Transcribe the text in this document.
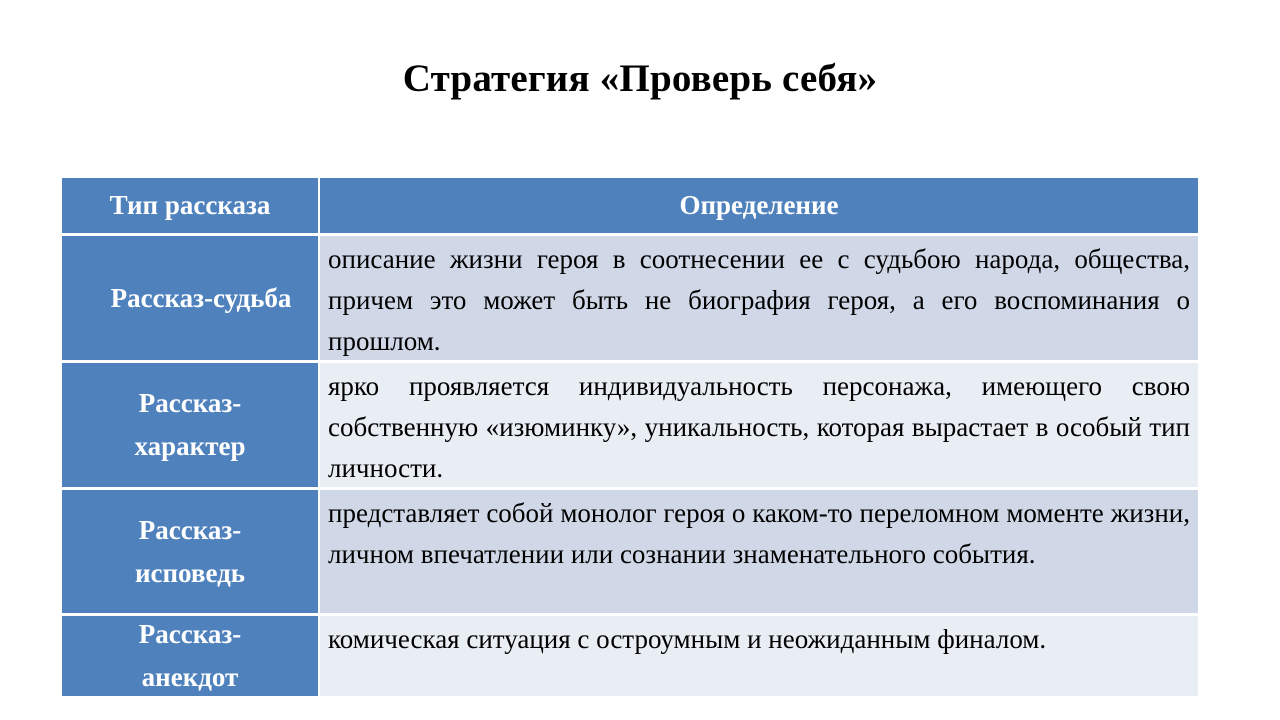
Стратегия «Проверь себя»
Тип рассказа	Определение
Рассказ-судьба
описание жизни героя в соотнесении ее с судьбою народа, общества, причем это может быть не биография героя, а его воспоминания о прошлом.
Рассказ-характер
ярко проявляется индивидуальность персонажа, имеющего свою собственную «изюминку», уникальность, которая вырастает в особый тип личности.
Рассказ-исповедь
представляет собой монолог героя о каком-то переломном моменте жизни, личном впечатлении или сознании знаменательного события.
Рассказ-анекдот
комическая ситуация с остроумным и неожиданным финалом.
